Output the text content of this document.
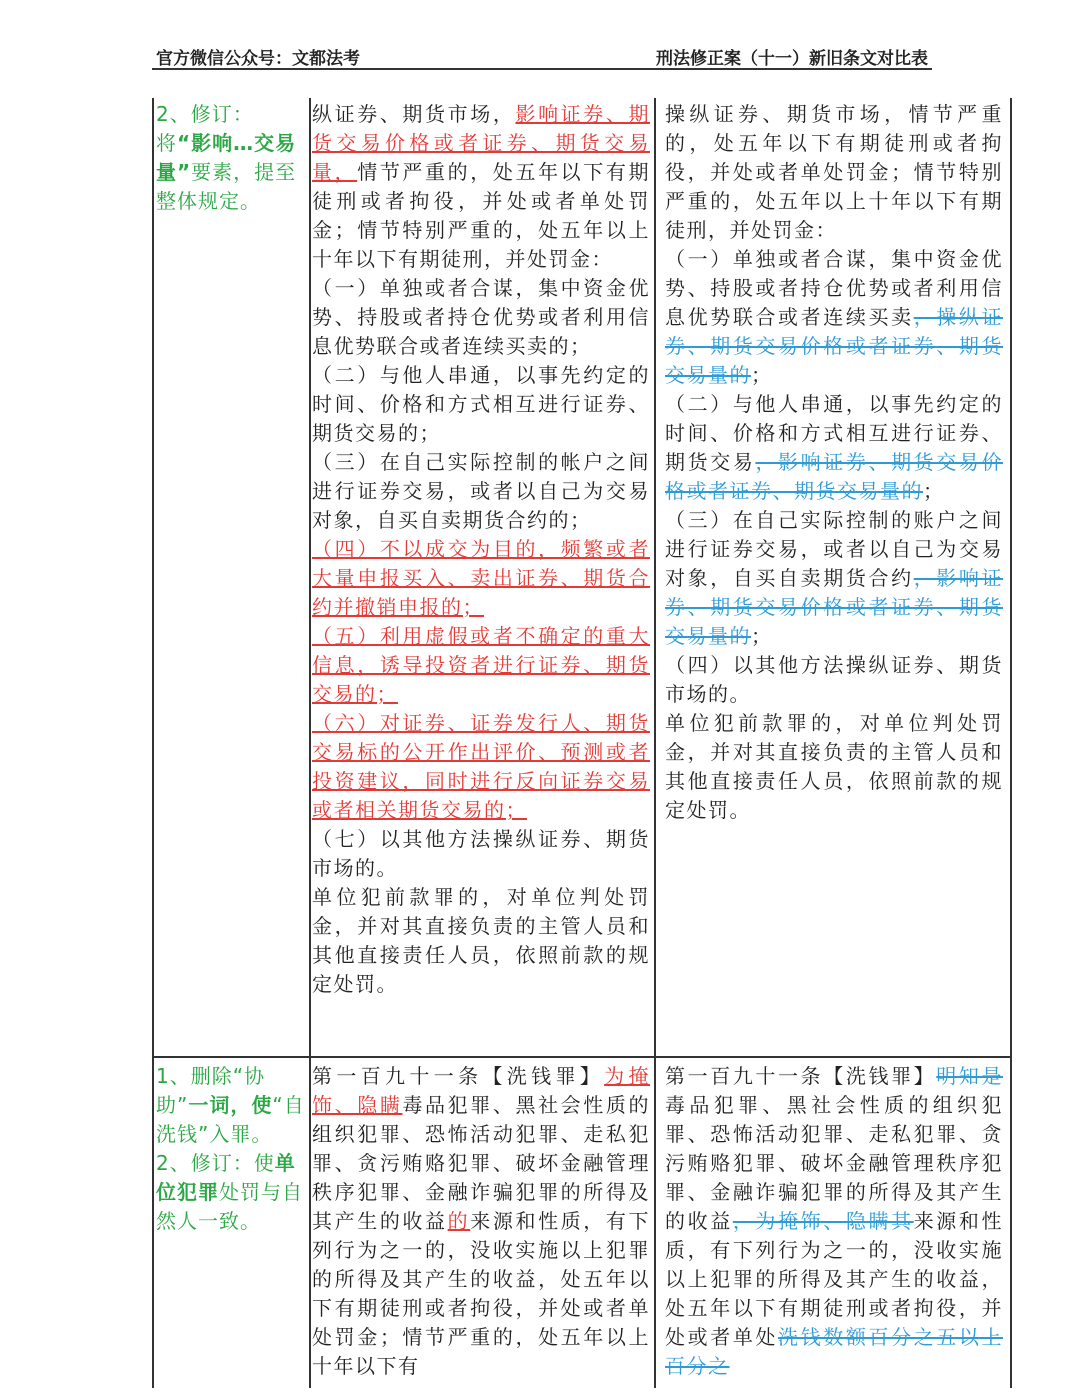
官方微信公众号：文都法考	刑法修正案（十一）新旧条文对比表
2、修订：将“影响…交易量”要素，提至整体规定。
纵证券、期货市场，影响证券、期货交易价格或者证券、期货交易量，情节严重的，处五年以下有期徒刑或者拘役，并处或者单处罚金；情节特别严重的，处五年以上十年以下有期徒刑，并处罚金：
（一）单独或者合谋，集中资金优势、持股或者持仓优势或者利用信息优势联合或者连续买卖的；
（二）与他人串通，以事先约定的时间、价格和方式相互进行证券、期货交易的；
（三）在自己实际控制的帐户之间进行证券交易，或者以自己为交易对象，自买自卖期货合约的；
（四）不以成交为目的，频繁或者大量申报买入、卖出证券、期货合约并撤销申报的；
（五）利用虚假或者不确定的重大信息，诱导投资者进行证券、期货交易的；
（六）对证券、证券发行人、期货交易标的公开作出评价、预测或者投资建议，同时进行反向证券交易或者相关期货交易的；
（七）以其他方法操纵证券、期货市场的。
单位犯前款罪的，对单位判处罚金，并对其直接负责的主管人员和其他直接责任人员，依照前款的规定处罚。
操纵证券、期货市场，情节严重的，处五年以下有期徒刑或者拘役，并处或者单处罚金；情节特别严重的，处五年以上十年以下有期徒刑，并处罚金：
（一）单独或者合谋，集中资金优势、持股或者持仓优势或者利用信息优势联合或者连续买卖，操纵证券、期货交易价格或者证券、期货交易量的；
（二）与他人串通，以事先约定的时间、价格和方式相互进行证券、期货交易，影响证券、期货交易价格或者证券、期货交易量的；
（三）在自己实际控制的账户之间进行证券交易，或者以自己为交易对象，自买自卖期货合约，影响证券、期货交易价格或者证券、期货交易量的；
（四）以其他方法操纵证券、期货市场的。
单位犯前款罪的，对单位判处罚金，并对其直接负责的主管人员和其他直接责任人员，依照前款的规定处罚。
1、删除“协助”一词，使“自洗钱”入罪。
2、修订：使单位犯罪处罚与自然人一致。
第一百九十一条【洗钱罪】为掩饰、隐瞒毒品犯罪、黑社会性质的组织犯罪、恐怖活动犯罪、走私犯罪、贪污贿赂犯罪、破坏金融管理秩序犯罪、金融诈骗犯罪的所得及其产生的收益的来源和性质，有下列行为之一的，没收实施以上犯罪的所得及其产生的收益，处五年以下有期徒刑或者拘役，并处或者单处罚金；情节严重的，处五年以上十年以下有
第一百九十一条【洗钱罪】明知是毒品犯罪、黑社会性质的组织犯罪、恐怖活动犯罪、走私犯罪、贪污贿赂犯罪、破坏金融管理秩序犯罪、金融诈骗犯罪的所得及其产生的收益，为掩饰、隐瞒其来源和性质，有下列行为之一的，没收实施以上犯罪的所得及其产生的收益，处五年以下有期徒刑或者拘役，并处或者单处洗钱数额百分之五以上百分之
